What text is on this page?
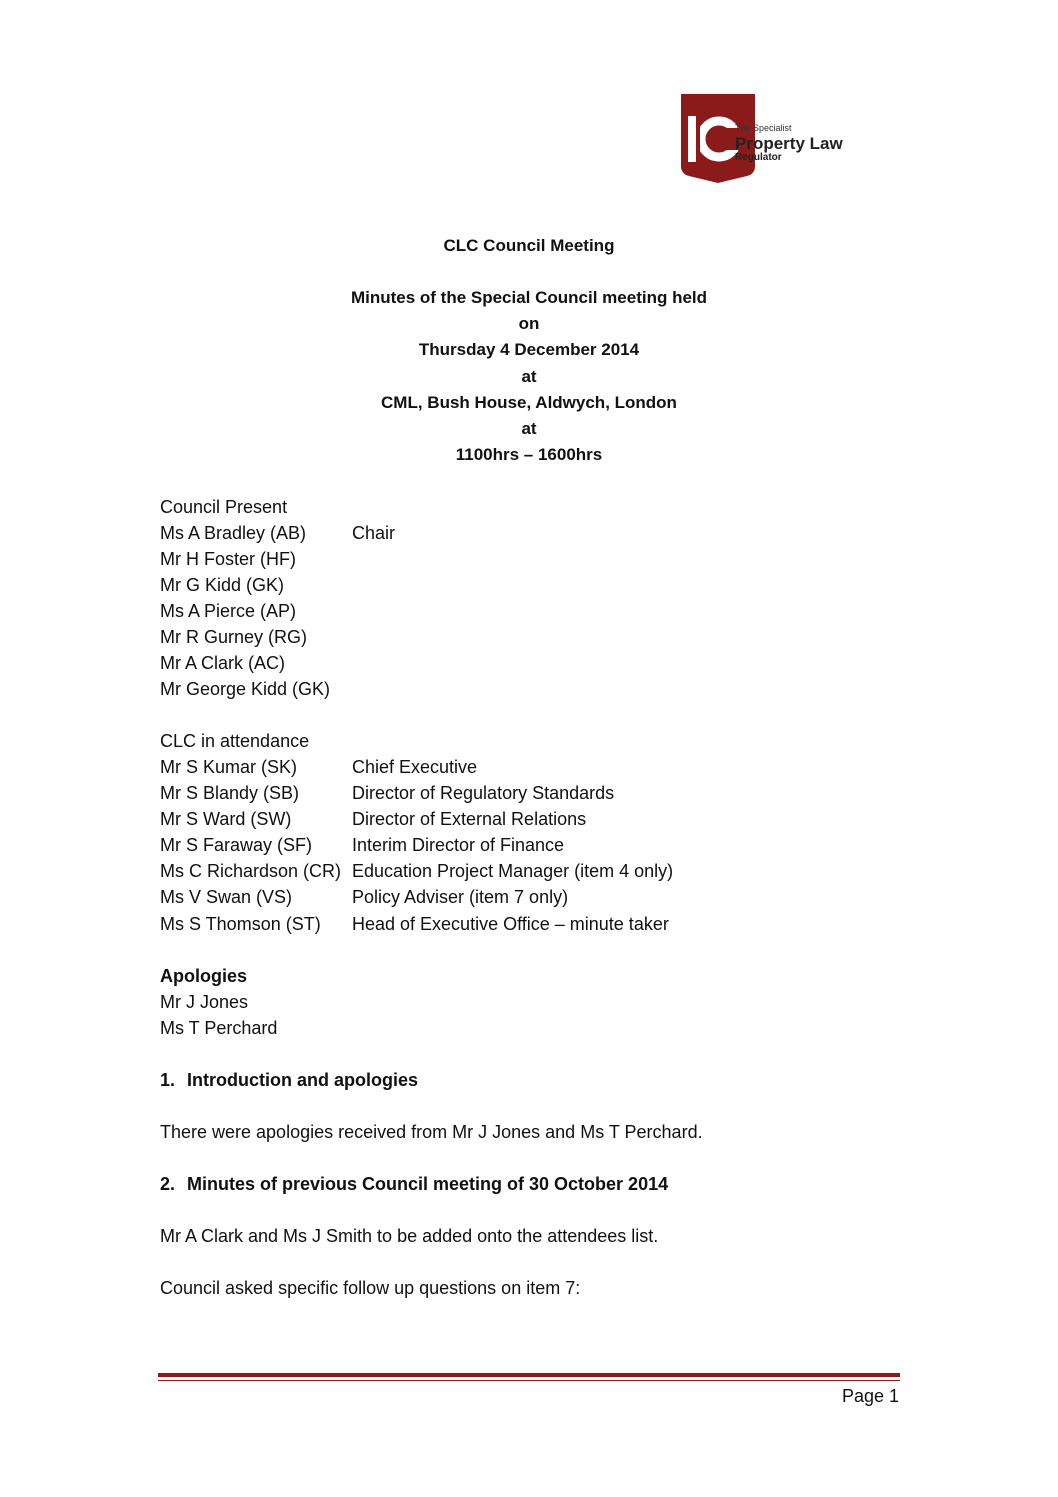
The Specialist
Property Law
Regulator
CLC Council Meeting
Minutes of the Special Council meeting held
on
Thursday 4 December 2014
at
CML, Bush House, Aldwych, London
at
1100hrs – 1600hrs
Council Present
Ms A Bradley (AB)	Chair
Mr H Foster (HF)
Mr G Kidd (GK)
Ms A Pierce (AP)
Mr R Gurney (RG)
Mr A Clark (AC)
Mr George Kidd (GK)
CLC in attendance
Mr S Kumar (SK)	Chief Executive
Mr S Blandy (SB)	Director of Regulatory Standards
Mr S Ward (SW)	Director of External Relations
Mr S Faraway (SF) Interim Director of Finance
Ms C Richardson (CR) Education Project Manager (item 4 only)
Ms V Swan (VS)	Policy Adviser (item 7 only)
Ms S Thomson (ST) Head of Executive Office – minute taker
Apologies
Mr J Jones
Ms T Perchard
1. Introduction and apologies
There were apologies received from Mr J Jones and Ms T Perchard.
2. Minutes of previous Council meeting of 30 October 2014
Mr A Clark and Ms J Smith to be added onto the attendees list.
Council asked specific follow up questions on item 7:
Page 1
